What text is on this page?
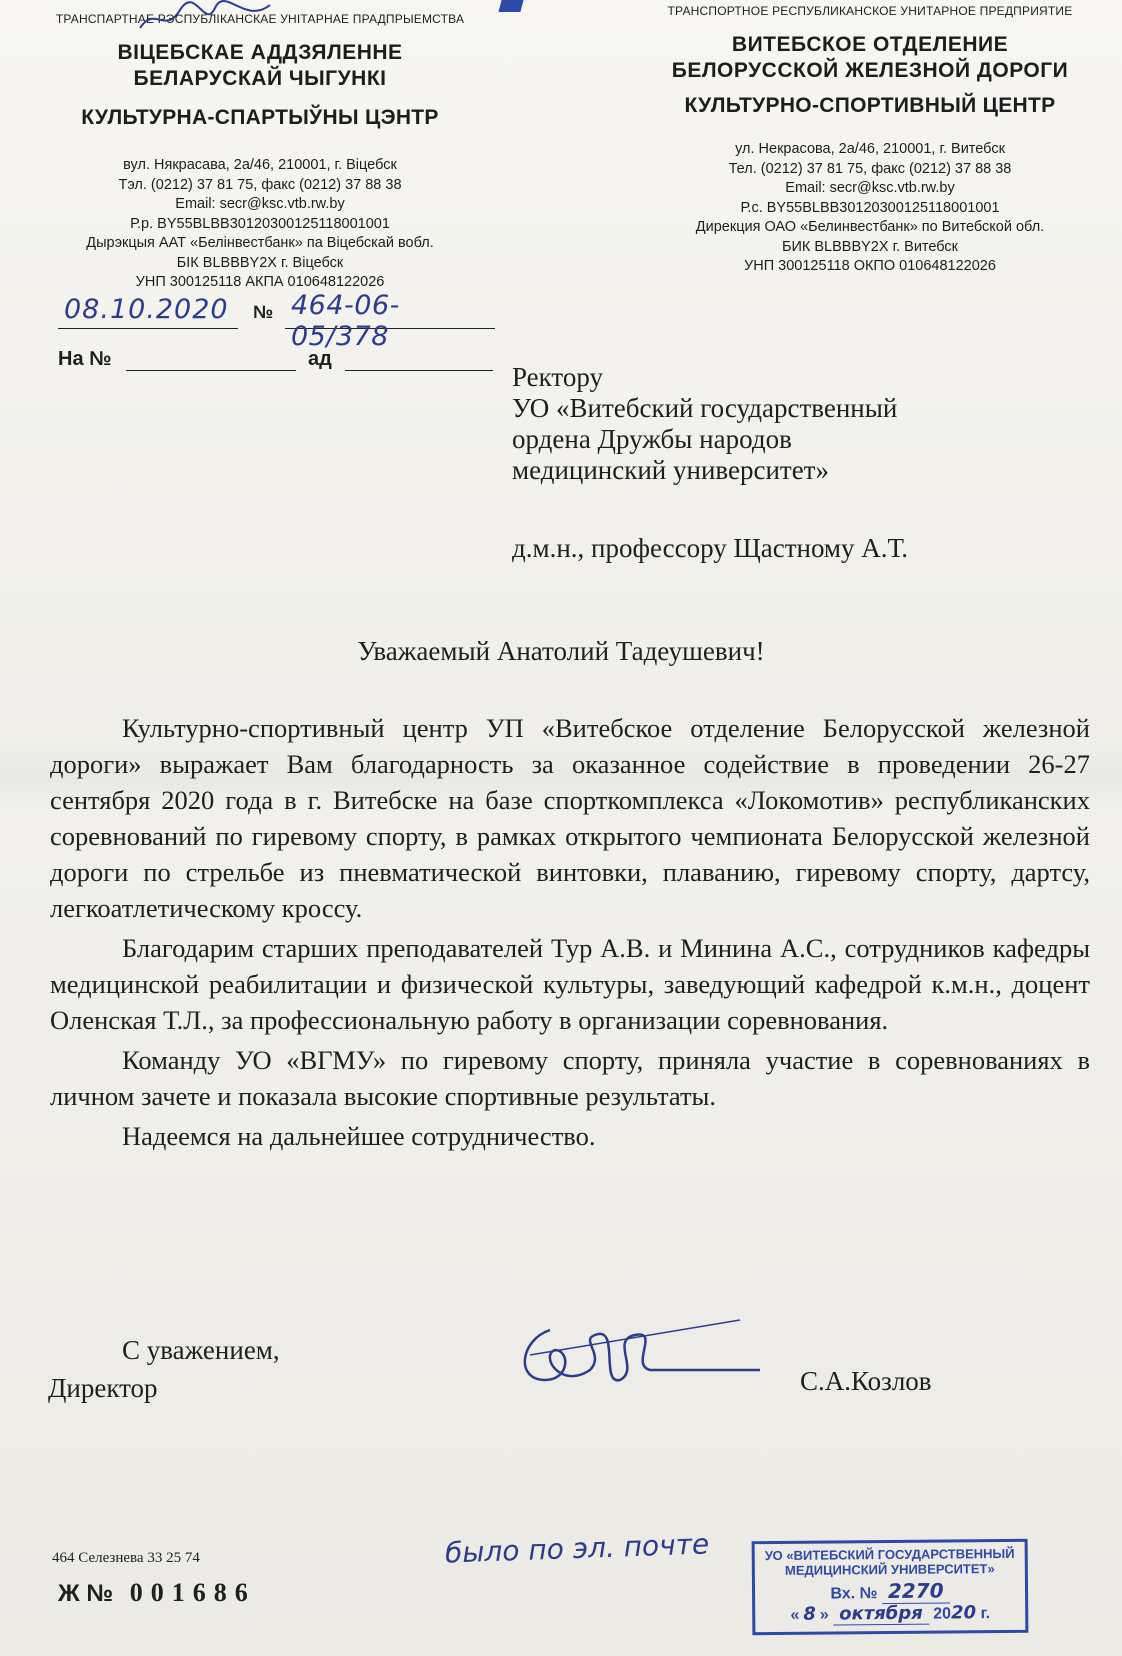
ТРАНСПАРТНАЕ РЭСПУБЛІКАНСКАЕ УНІТАРНАЕ ПРАДПРЫЕМСТВА
ВІЦЕБСКАЕ АДДЗЯЛЕННЕ
БЕЛАРУСКАЙ ЧЫГУНКІ
КУЛЬТУРНА-СПАРТЫЎНЫ ЦЭНТР
вул. Някрасава, 2а/46, 210001, г. Віцебск
Тэл. (0212) 37 81 75, факс (0212) 37 88 38
Email: secr@ksc.vtb.rw.by
Р.р. BY55BLBB30120300125118001001
Дырэкцыя ААТ «Белінвестбанк» па Віцебскай вобл.
БІК BLBBBY2X г. Віцебск
УНП 300125118 АКПА 010648122026
ТРАНСПОРТНОЕ РЕСПУБЛИКАНСКОЕ УНИТАРНОЕ ПРЕДПРИЯТИЕ
ВИТЕБСКОЕ ОТДЕЛЕНИЕ
БЕЛОРУССКОЙ ЖЕЛЕЗНОЙ ДОРОГИ
КУЛЬТУРНО-СПОРТИВНЫЙ ЦЕНТР
ул. Некрасова, 2а/46, 210001, г. Витебск
Тел. (0212) 37 81 75, факс (0212) 37 88 38
Email: secr@ksc.vtb.rw.by
Р.с. BY55BLBB30120300125118001001
Дирекция ОАО «Белинвестбанк» по Витебской обл.
БИК BLBBBY2X г. Витебск
УНП 300125118 ОКПО 010648122026
08.10.2020 № 464-06-05/378
На №	ад
Ректору
УО «Витебский государственный
ордена Дружбы народов
медицинский университет»
д.м.н., профессору Щастному А.Т.
Уважаемый Анатолий Тадеушевич!

Культурно-спортивный центр УП «Витебское отделение Белорусской железной дороги» выражает Вам благодарность за оказанное содействие в проведении 26-27 сентября 2020 года в г. Витебске на базе спорткомплекса «Локомотив» республиканских соревнований по гиревому спорту, в рамках открытого чемпионата Белорусской железной дороги по стрельбе из пневматической винтовки, плаванию, гиревому спорту, дартсу, легкоатлетическому кроссу.

Благодарим старших преподавателей Тур А.В. и Минина А.С., сотрудников кафедры медицинской реабилитации и физической культуры, заведующий кафедрой к.м.н., доцент Оленская Т.Л., за профессиональную работу в организации соревнования.

Команду УО «ВГМУ» по гиревому спорту, приняла участие в соревнованиях в личном зачете и показала высокие спортивные результаты.

Надеемся на дальнейшее сотрудничество.

С уважением,
Директор	С.А.Козлов
464 Селезнева 33 25 74
Ж № 001686
было по эл. почте	УО «ВИТЕБСКИЙ ГОСУДАРСТВЕННЫЙ
МЕДИЦИНСКИЙ УНИВЕРСИТЕТ»
Вх. № 2270
« 8 » октября 2020 г.
